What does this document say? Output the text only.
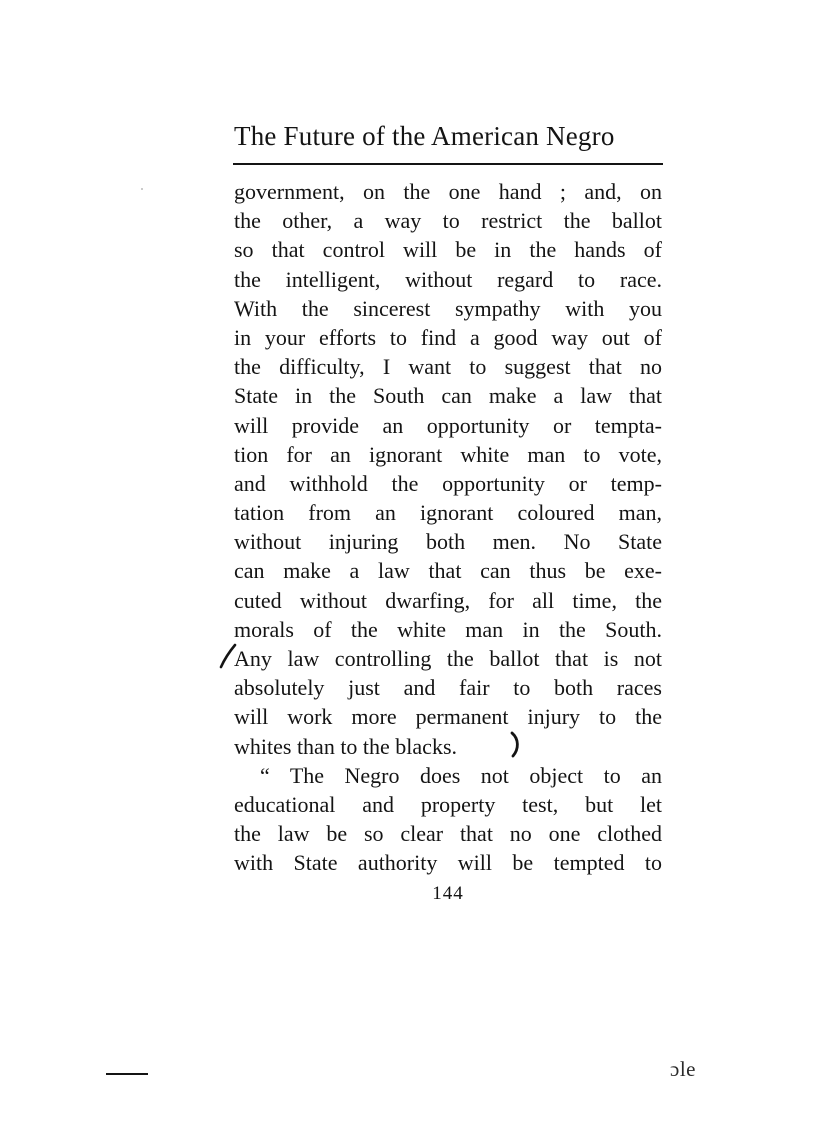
The Future of the American Negro
government, on the one hand ; and, on
the other, a way to restrict the ballot
so that control will be in the hands of
the intelligent, without regard to race.
With the sincerest sympathy with you
in your efforts to find a good way out of
the difficulty, I want to suggest that no
State in the South can make a law that
will provide an opportunity or tempta-
tion for an ignorant white man to vote,
and withhold the opportunity or temp-
tation from an ignorant coloured man,
without injuring both men. No State
can make a law that can thus be exe-
cuted without dwarfing, for all time, the
morals of the white man in the South.
Any law controlling the ballot that is not
absolutely just and fair to both races
will work more permanent injury to the
whites than to the blacks.
“ The Negro does not object to an
educational and property test, but let
the law be so clear that no one clothed
with State authority will be tempted to
144
ɔle
